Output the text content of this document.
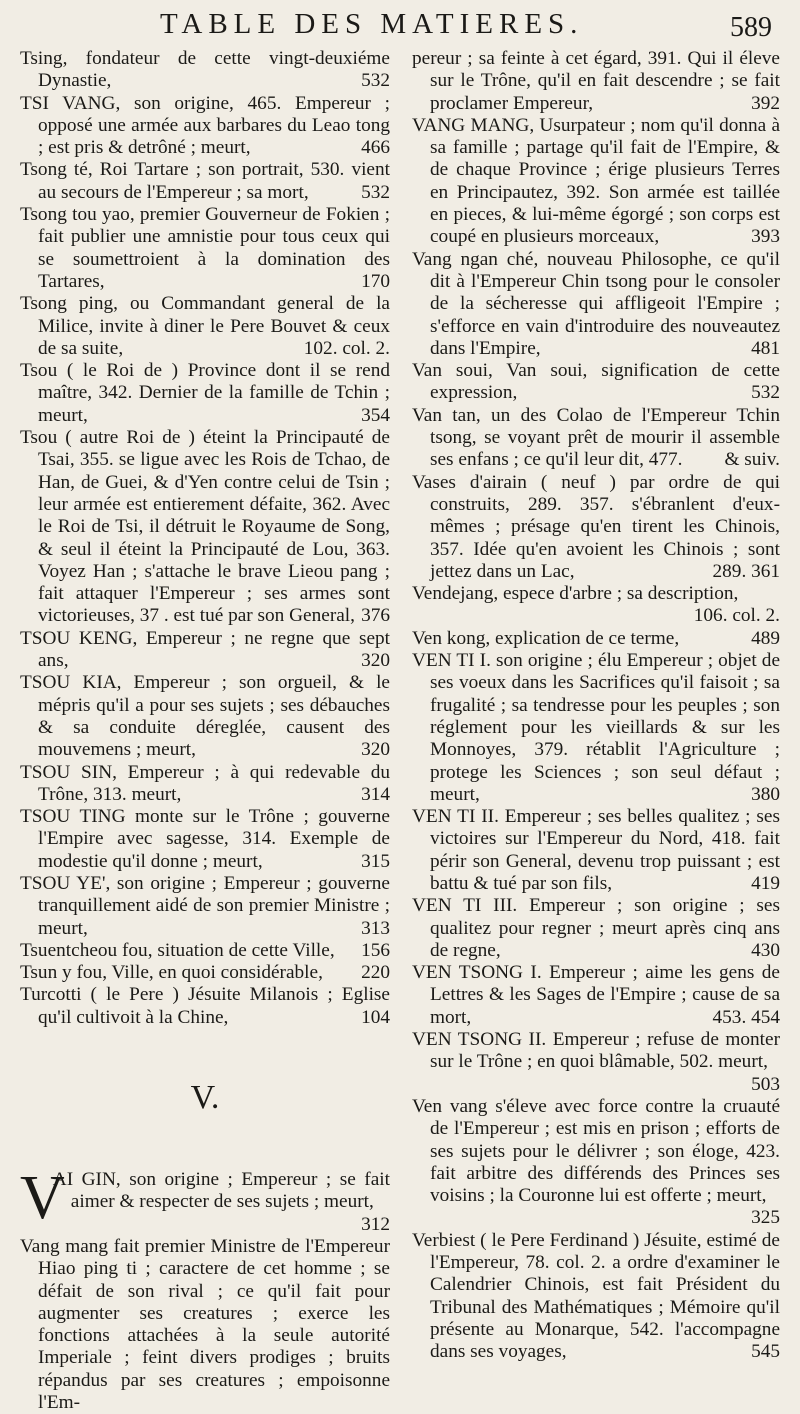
TABLE DES MATIERES.	589

Tsing, fondateur de cette vingt-deuxiéme Dynastie,	532

TSI VANG, son origine, 465. Empereur ; opposé une armée aux barbares du Leao tong ; est pris & detrôné ; meurt,	466

Tsong té, Roi Tartare ; son portrait, 530. vient au secours de l'Empereur ; sa mort,	532

Tsong tou yao, premier Gouverneur de Fokien ; fait publier une amnistie pour tous ceux qui se soumettroient à la domination des Tartares,	170

Tsong ping, ou Commandant general de la Milice, invite à diner le Pere Bouvet & ceux de sa suite,	102. col. 2.

Tsou ( le Roi de ) Province dont il se rend maître, 342. Dernier de la famille de Tchin ; meurt,	354

Tsou ( autre Roi de ) éteint la Principauté de Tsai, 355. se ligue avec les Rois de Tchao, de Han, de Guei, & d'Yen contre celui de Tsin ; leur armée est entierement défaite, 362. Avec le Roi de Tsi, il détruit le Royaume de Song, & seul il éteint la Principauté de Lou, 363. Voyez Han ; s'attache le brave Lieou pang ; fait attaquer l'Empereur ; ses armes sont victorieuses, 37 . est tué par son General, 376

TSOU KENG, Empereur ; ne regne que sept ans,	320

TSOU KIA, Empereur ; son orgueil, & le mépris qu'il a pour ses sujets ; ses débauches & sa conduite déreglée, causent des mouvemens ; meurt,	320

TSOU SIN, Empereur ; à qui redevable du Trône, 313. meurt,	314

TSOU TING monte sur le Trône ; gouverne l'Empire avec sagesse, 314. Exemple de modestie qu'il donne ; meurt,	315

TSOU YE', son origine ; Empereur ; gouverne tranquillement aidé de son premier Ministre ; meurt,	313

Tsuentcheou fou, situation de cette Ville, 156

Tsun y fou, Ville, en quoi considérable, 220

Turcotti ( le Pere ) Jésuite Milanois ; Eglise qu'il cultivoit à la Chine,	104

V.

V
AI GIN, son origine ; Empereur ; se fait aimer & respecter de ses sujets ; meurt,
312

Vang mang fait premier Ministre de l'Empereur Hiao ping ti ; caractere de cet homme ; se défait de son rival ; ce qu'il fait pour augmenter ses creatures ; exerce les fonctions attachées à la seule autorité Imperiale ; feint divers prodiges ; bruits répandus par ses creatures ; empoisonne l'Em-

pereur ; sa feinte à cet égard, 391. Qui il éleve sur le Trône, qu'il en fait descendre ; se fait proclamer Empereur,	392

VANG MANG, Usurpateur ; nom qu'il donna à sa famille ; partage qu'il fait de l'Empire, & de chaque Province ; érige plusieurs Terres en Principautez, 392. Son armée est taillée en pieces, & lui-même égorgé ; son corps est coupé en plusieurs morceaux,	393

Vang ngan ché, nouveau Philosophe, ce qu'il dit à l'Empereur Chin tsong pour le consoler de la sécheresse qui affligeoit l'Empire ; s'efforce en vain d'introduire des nouveautez dans l'Empire,	481

Van soui, Van soui, signification de cette expression,	532

Van tan, un des Colao de l'Empereur Tchin tsong, se voyant prêt de mourir il assemble ses enfans ; ce qu'il leur dit, 477. & suiv.

Vases d'airain ( neuf ) par ordre de qui construits, 289. 357. s'ébranlent d'eux-mêmes ; présage qu'en tirent les Chinois, 357. Idée qu'en avoient les Chinois ; sont jettez dans un Lac,	289. 361

Vendejang, espece d'arbre ; sa description,
106. col. 2.

Ven kong, explication de ce terme,	489

VEN TI I. son origine ; élu Empereur ; objet de ses voeux dans les Sacrifices qu'il faisoit ; sa frugalité ; sa tendresse pour les peuples ; son réglement pour les vieillards & sur les Monnoyes, 379. rétablit l'Agriculture ; protege les Sciences ; son seul défaut ; meurt,	380

VEN TI II. Empereur ; ses belles qualitez ; ses victoires sur l'Empereur du Nord, 418. fait périr son General, devenu trop puissant ; est battu & tué par son fils,	419

VEN TI III. Empereur ; son origine ; ses qualitez pour regner ; meurt après cinq ans de regne,	430

VEN TSONG I. Empereur ; aime les gens de Lettres & les Sages de l'Empire ; cause de sa mort,	453. 454

VEN TSONG II. Empereur ; refuse de monter sur le Trône ; en quoi blâmable, 502. meurt,
503

Ven vang s'éleve avec force contre la cruauté de l'Empereur ; est mis en prison ; efforts de ses sujets pour le délivrer ; son éloge, 423. fait arbitre des différends des Princes ses voisins ; la Couronne lui est offerte ; meurt,
325

Verbiest ( le Pere Ferdinand ) Jésuite, estimé de l'Empereur, 78. col. 2. a ordre d'examiner le Calendrier Chinois, est fait Président du Tribunal des Mathématiques ; Mémoire qu'il présente au Monarque, 542. l'accompagne dans ses voyages,	545
